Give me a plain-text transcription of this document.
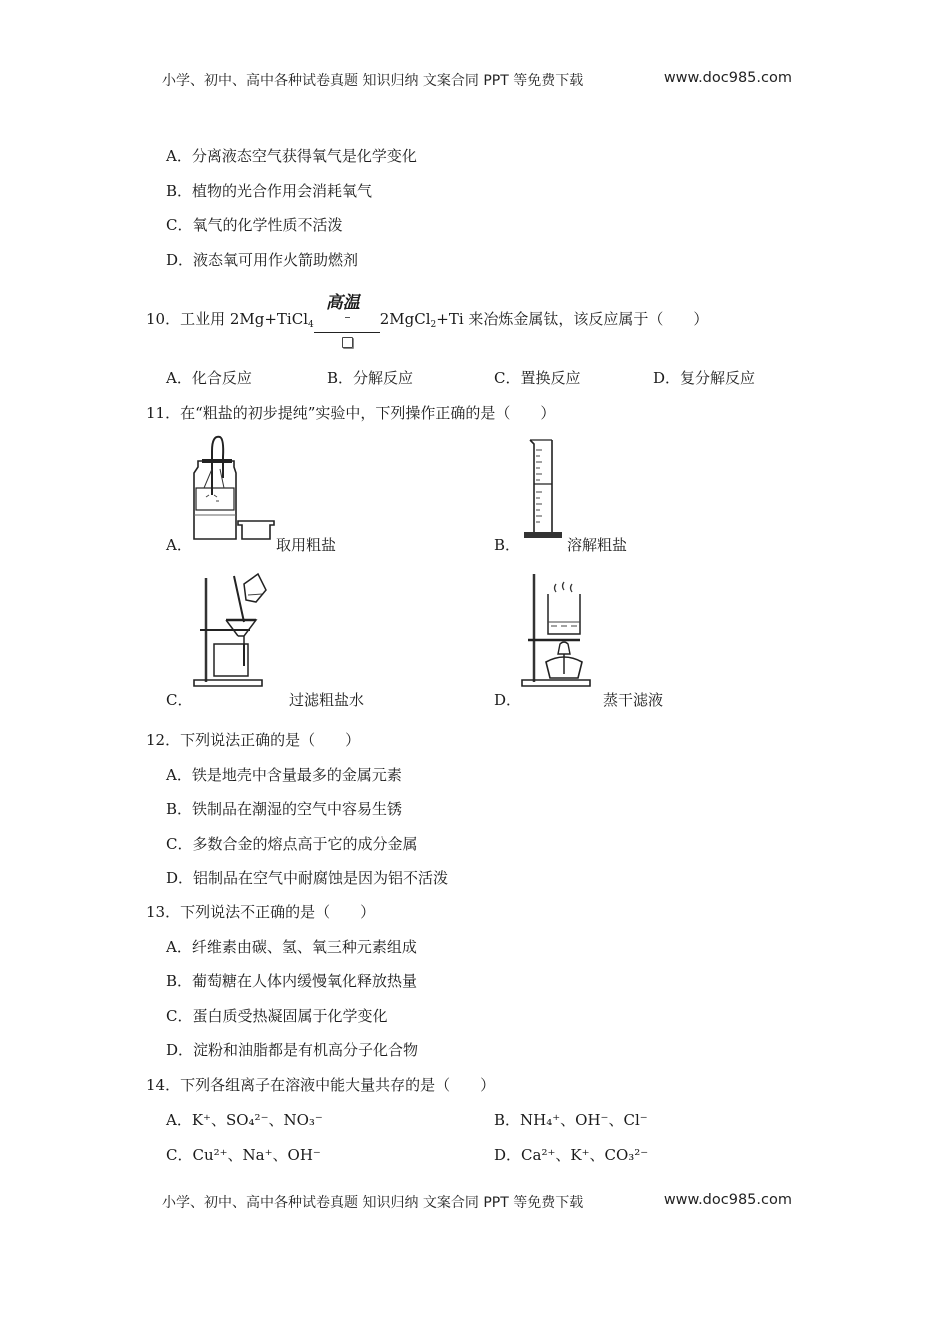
小学、初中、高中各种试卷真题 知识归纳 文案合同 PPT 等免费下载	www.doc985.com
A．分离液态空气获得氧气是化学变化
B．植物的光合作用会消耗氧气
C．氧气的化学性质不活泼
D．液态氧可用作火箭助燃剂
10．工业用 2Mg+TiCl$_4$
高温
2MgCl$_2$+Ti 来冶炼金属钛，该反应属于（　　）
A．化合反应	B．分解反应	C．置换反应	D．复分解反应
11．在“粗盐的初步提纯”实验中，下列操作正确的是（　　）
A．	取用粗盐	B．	溶解粗盐
C．	过滤粗盐水	D．	蒸干滤液
12．下列说法正确的是（　　）
A．铁是地壳中含量最多的金属元素
B．铁制品在潮湿的空气中容易生锈
C．多数合金的熔点高于它的成分金属
D．铝制品在空气中耐腐蚀是因为铝不活泼
13．下列说法不正确的是（　　）
A．纤维素由碳、氢、氧三种元素组成
B．葡萄糖在人体内缓慢氧化释放热量
C．蛋白质受热凝固属于化学变化
D．淀粉和油脂都是有机高分子化合物
14．下列各组离子在溶液中能大量共存的是（　　）
A．K⁺、SO₄²⁻、NO₃⁻	B．NH₄⁺、OH⁻、Cl⁻
C．Cu²⁺、Na⁺、OH⁻	D．Ca²⁺、K⁺、CO₃²⁻
小学、初中、高中各种试卷真题 知识归纳 文案合同 PPT 等免费下载	www.doc985.com
